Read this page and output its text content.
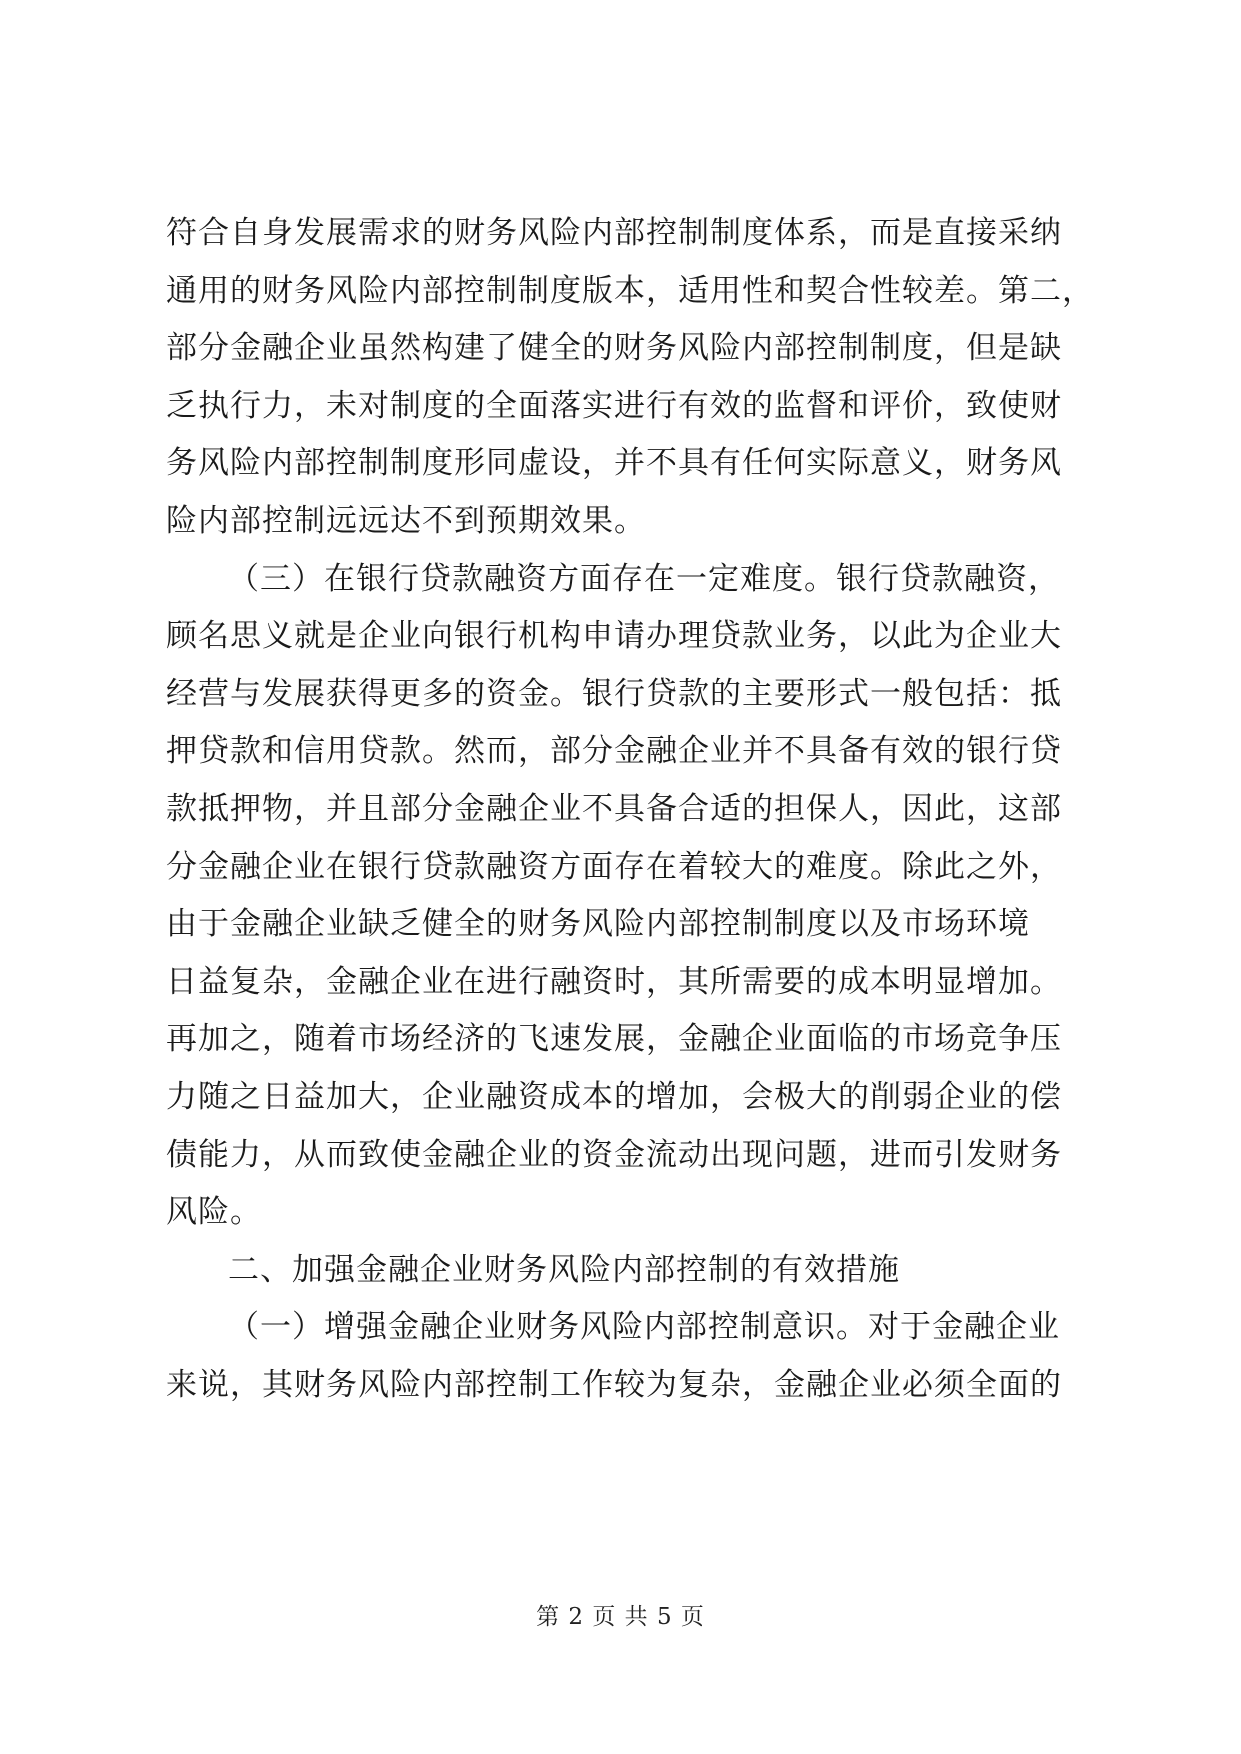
符合自身发展需求的财务风险内部控制制度体系，而是直接采纳
通用的财务风险内部控制制度版本，适用性和契合性较差。第二，
部分金融企业虽然构建了健全的财务风险内部控制制度，但是缺
乏执行力，未对制度的全面落实进行有效的监督和评价，致使财
务风险内部控制制度形同虚设，并不具有任何实际意义，财务风
险内部控制远远达不到预期效果。
（三）在银行贷款融资方面存在一定难度。银行贷款融资，
顾名思义就是企业向银行机构申请办理贷款业务，以此为企业大
经营与发展获得更多的资金。银行贷款的主要形式一般包括：抵
押贷款和信用贷款。然而，部分金融企业并不具备有效的银行贷
款抵押物，并且部分金融企业不具备合适的担保人，因此，这部
分金融企业在银行贷款融资方面存在着较大的难度。除此之外，
由于金融企业缺乏健全的财务风险内部控制制度以及市场环境
日益复杂，金融企业在进行融资时，其所需要的成本明显增加。
再加之，随着市场经济的飞速发展，金融企业面临的市场竞争压
力随之日益加大，企业融资成本的增加，会极大的削弱企业的偿
债能力，从而致使金融企业的资金流动出现问题，进而引发财务
风险。
二、加强金融企业财务风险内部控制的有效措施
（一）增强金融企业财务风险内部控制意识。对于金融企业
来说，其财务风险内部控制工作较为复杂，金融企业必须全面的
第 2 页 共 5 页
